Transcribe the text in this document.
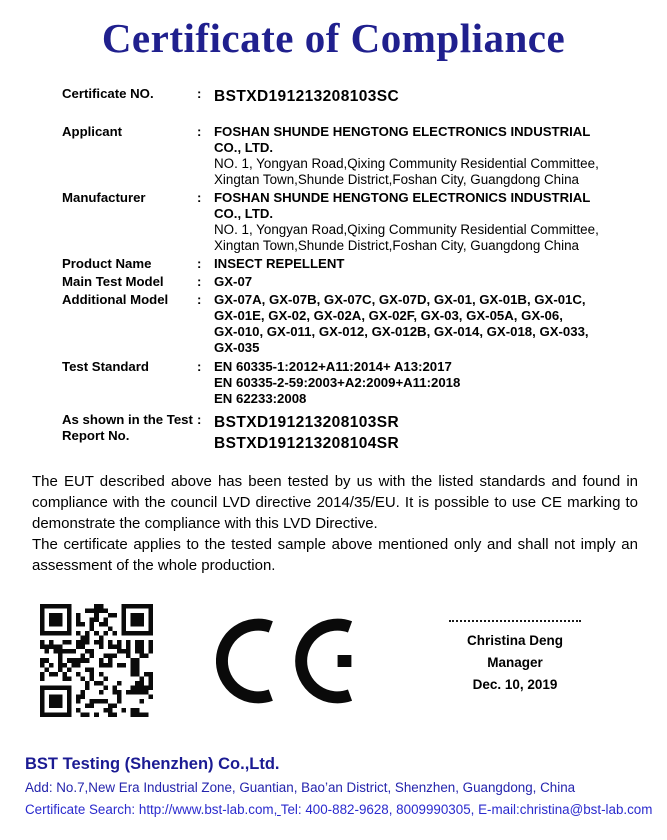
Certificate of Compliance
Certificate NO.	: BSTXD191213208103SC
Applicant	: FOSHAN SHUNDE HENGTONG ELECTRONICS INDUSTRIAL
CO., LTD.
NO. 1, Yongyan Road,Qixing Community Residential Committee,
Xingtan Town,Shunde District,Foshan City, Guangdong China
Manufacturer	: FOSHAN SHUNDE HENGTONG ELECTRONICS INDUSTRIAL
CO., LTD.
NO. 1, Yongyan Road,Qixing Community Residential Committee,
Xingtan Town,Shunde District,Foshan City, Guangdong China
Product Name	: INSECT REPELLENT
Main Test Model	: GX-07
Additional Model	: GX-07A, GX-07B, GX-07C, GX-07D, GX-01, GX-01B, GX-01C,
GX-01E, GX-02, GX-02A, GX-02F, GX-03, GX-05A, GX-06,
GX-010, GX-011, GX-012, GX-012B, GX-014, GX-018, GX-033,
GX-035
Test Standard	: EN 60335-1:2012+A11:2014+ A13:2017
EN 60335-2-59:2003+A2:2009+A11:2018
EN 62233:2008
As shown in the Test Report No.
: BSTXD191213208103SR
BSTXD191213208104SR
The EUT described above has been tested by us with the listed standards and found in compliance with the council LVD directive 2014/35/EU. It is possible to use CE marking to demonstrate the compliance with this LVD Directive.
The certificate applies to the tested sample above mentioned only and shall not imply an assessment of the whole production.
Christina Deng
Manager
Dec. 10, 2019
BST Testing (Shenzhen) Co.,Ltd.
Add: No.7,New Era Industrial Zone, Guantian, Bao’an District, Shenzhen, Guangdong, China
Certificate Search: http://www.bst-lab.com, Tel: 400-882-9628, 8009990305, E-mail:christina@bst-lab.com
